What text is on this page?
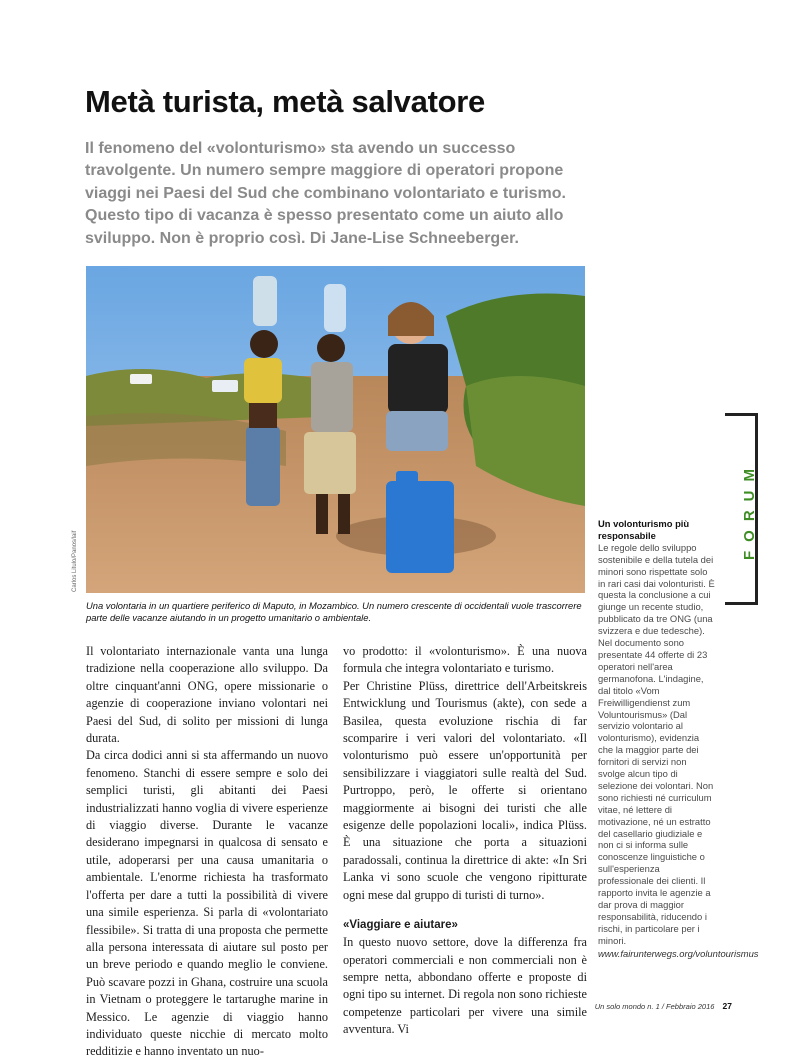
Metà turista, metà salvatore

Il fenomeno del «volonturismo» sta avendo un successo travolgente. Un numero sempre maggiore di operatori propone viaggi nei Paesi del Sud che combinano volontariato e turismo. Questo tipo di vacanza è spesso presentato come un aiuto allo sviluppo. Non è proprio così. Di Jane-Lise Schneeberger.

Carlos Litulo/Panos/laif

Una volontaria in un quartiere periferico di Maputo, in Mozambico. Un numero crescente di occidentali vuole trascorrere parte delle vacanze aiutando in un progetto umanitario o ambientale.

Il volontariato internazionale vanta una lunga tradizione nella cooperazione allo sviluppo. Da oltre cinquant'anni ONG, opere missionarie o agenzie di cooperazione inviano volontari nei Paesi del Sud, di solito per missioni di lunga durata.

Da circa dodici anni si sta affermando un nuovo fenomeno. Stanchi di essere sempre e solo dei semplici turisti, gli abitanti dei Paesi industrializzati hanno voglia di vivere esperienze di viaggio diverse. Durante le vacanze desiderano impegnarsi in qualcosa di sensato e utile, adoperarsi per una causa umanitaria o ambientale. L'enorme richiesta ha trasformato l'offerta per dare a tutti la possibilità di vivere una simile esperienza. Si parla di «volontariato flessibile». Si tratta di una proposta che permette alla persona interessata di aiutare sul posto per un breve periodo e quando meglio le conviene. Può scavare pozzi in Ghana, costruire una scuola in Vietnam o proteggere le tartarughe marine in Messico. Le agenzie di viaggio hanno individuato queste nicchie di mercato molto redditizie e hanno inventato un nuo-

vo prodotto: il «volonturismo». È una nuova formula che integra volontariato e turismo.

Per Christine Plüss, direttrice dell'Arbeitskreis Entwicklung und Tourismus (akte), con sede a Basilea, questa evoluzione rischia di far scomparire i veri valori del volontariato. «Il volonturismo può essere un'opportunità per sensibilizzare i viaggiatori sulle realtà del Sud. Purtroppo, però, le offerte si orientano maggiormente ai bisogni dei turisti che alle esigenze delle popolazioni locali», indica Plüss. È una situazione che porta a situazioni paradossali, continua la direttrice di akte: «In Sri Lanka vi sono scuole che vengono ripitturate ogni mese dal gruppo di turisti di turno».

«Viaggiare e aiutare»

In questo nuovo settore, dove la differenza fra operatori commerciali e non commerciali non è sempre netta, abbondano offerte e proposte di ogni tipo su internet. Di regola non sono richieste competenze particolari per vivere una simile avventura. Vi

Un volonturismo più responsabile

Le regole dello sviluppo sostenibile e della tutela dei minori sono rispettate solo in rari casi dai volonturisti. È questa la conclusione a cui giunge un recente studio, pubblicato da tre ONG (una svizzera e due tedesche). Nel documento sono presentate 44 offerte di 23 operatori nell'area germanofona. L'indagine, dal titolo «Vom Freiwilligendienst zum Voluntourismus» (Dal servizio volontario al volonturismo), evidenzia che la maggior parte dei fornitori di servizi non svolge alcun tipo di selezione dei volontari. Non sono richiesti né curriculum vitae, né lettere di motivazione, né un estratto del casellario giudiziale e non ci si informa sulle conoscenze linguistiche o sull'esperienza professionale dei clienti. Il rapporto invita le agenzie a dar prova di maggior responsabilità, riducendo i rischi, in particolare per i minori.

www.fairunterwegs.org/voluntourismus

FORUM
Un solo mondo n. 1 / Febbraio 2016 27
